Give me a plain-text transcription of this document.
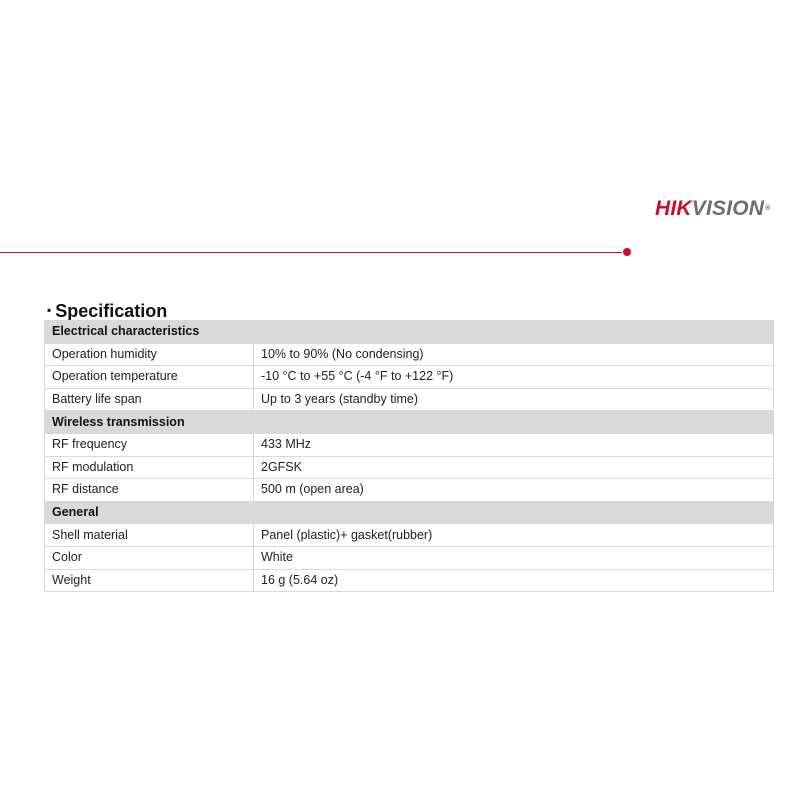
HIKVISION®
▪ Specification
Electrical characteristics	
Operation humidity	10% to 90% (No condensing)
Operation temperature	-10 °C to +55 °C (-4 °F to +122 °F)
Battery life span	Up to 3 years (standby time)
Wireless transmission	
RF frequency	433 MHz
RF modulation	2GFSK
RF distance	500 m (open area)
General	
Shell material	Panel (plastic)+ gasket(rubber)
Color	White
Weight	16 g (5.64 oz)
